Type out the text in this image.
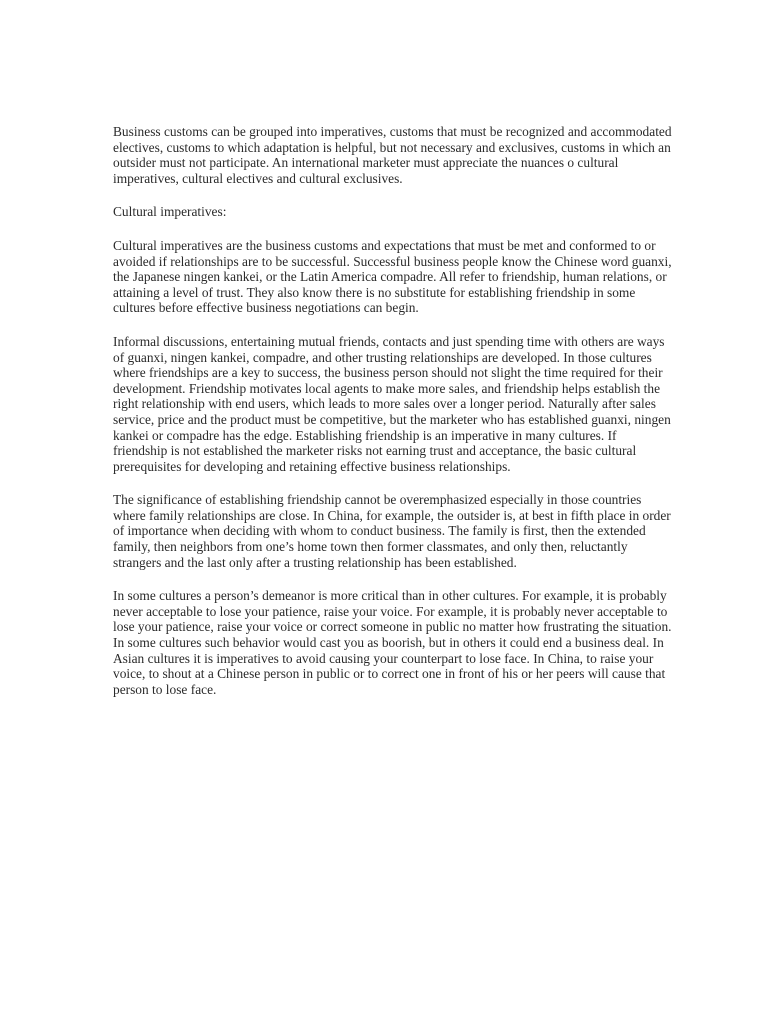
Business customs can be grouped into imperatives, customs that must be recognized and accommodated electives, customs to which adaptation is helpful, but not necessary and exclusives, customs in which an outsider must not participate. An international marketer must appreciate the nuances o cultural imperatives, cultural electives and cultural exclusives.

Cultural imperatives:

Cultural imperatives are the business customs and expectations that must be met and conformed to or avoided if relationships are to be successful. Successful business people know the Chinese word guanxi, the Japanese ningen kankei, or the Latin America compadre. All refer to friendship, human relations, or attaining a level of trust. They also know there is no substitute for establishing friendship in some cultures before effective business negotiations can begin.

Informal discussions, entertaining mutual friends, contacts and just spending time with others are ways of guanxi, ningen kankei, compadre, and other trusting relationships are developed. In those cultures where friendships are a key to success, the business person should not slight the time required for their development. Friendship motivates local agents to make more sales, and friendship helps establish the right relationship with end users, which leads to more sales over a longer period. Naturally after sales service, price and the product must be competitive, but the marketer who has established guanxi, ningen kankei or compadre has the edge. Establishing friendship is an imperative in many cultures. If friendship is not established the marketer risks not earning trust and acceptance, the basic cultural prerequisites for developing and retaining effective business relationships.

The significance of establishing friendship cannot be overemphasized especially in those countries where family relationships are close. In China, for example, the outsider is, at best in fifth place in order of importance when deciding with whom to conduct business. The family is first, then the extended family, then neighbors from one’s home town then former classmates, and only then, reluctantly strangers and the last only after a trusting relationship has been established.

In some cultures a person’s demeanor is more critical than in other cultures. For example, it is probably never acceptable to lose your patience, raise your voice. For example, it is probably never acceptable to lose your patience, raise your voice or correct someone in public no matter how frustrating the situation. In some cultures such behavior would cast you as boorish, but in others it could end a business deal. In Asian cultures it is imperatives to avoid causing your counterpart to lose face. In China, to raise your voice, to shout at a Chinese person in public or to correct one in front of his or her peers will cause that person to lose face.
